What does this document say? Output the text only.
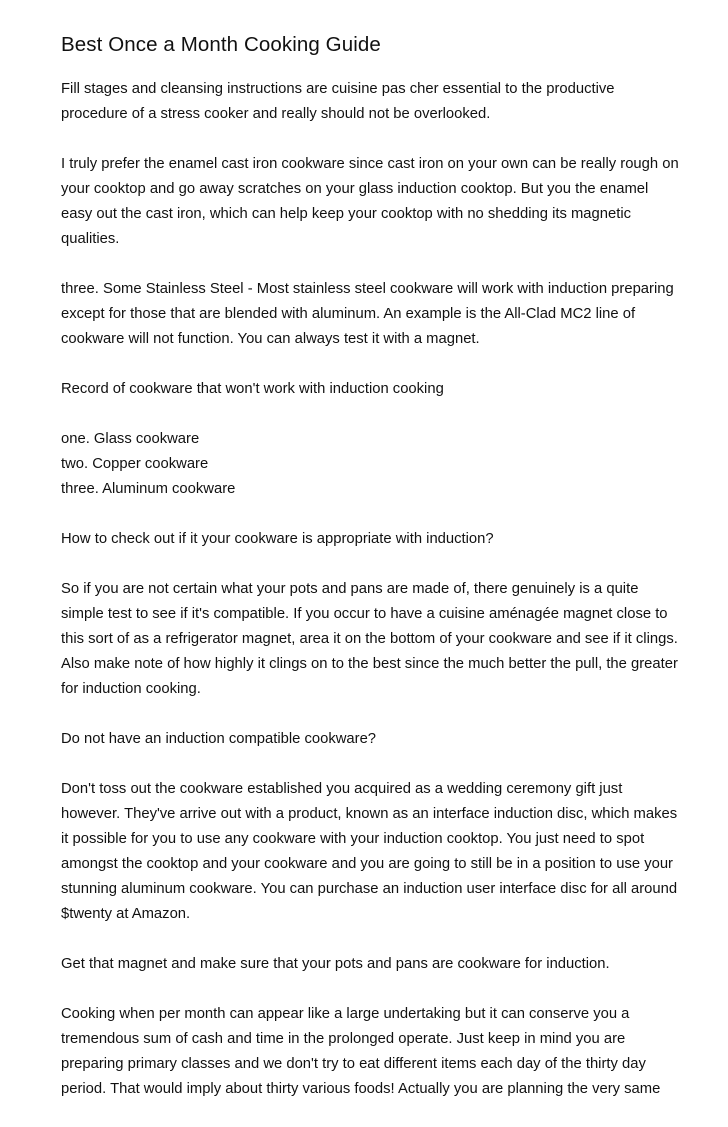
Best Once a Month Cooking Guide

Fill stages and cleansing instructions are cuisine pas cher essential to the productive procedure of a stress cooker and really should not be overlooked.

I truly prefer the enamel cast iron cookware since cast iron on your own can be really rough on your cooktop and go away scratches on your glass induction cooktop. But you the enamel easy out the cast iron, which can help keep your cooktop with no shedding its magnetic qualities.

three. Some Stainless Steel - Most stainless steel cookware will work with induction preparing except for those that are blended with aluminum. An example is the All-Clad MC2 line of cookware will not function. You can always test it with a magnet.

Record of cookware that won't work with induction cooking

one. Glass cookware
two. Copper cookware
three. Aluminum cookware

How to check out if it your cookware is appropriate with induction?

So if you are not certain what your pots and pans are made of, there genuinely is a quite simple test to see if it's compatible. If you occur to have a cuisine aménagée magnet close to this sort of as a refrigerator magnet, area it on the bottom of your cookware and see if it clings. Also make note of how highly it clings on to the best since the much better the pull, the greater for induction cooking.

Do not have an induction compatible cookware?

Don't toss out the cookware established you acquired as a wedding ceremony gift just however. They've arrive out with a product, known as an interface induction disc, which makes it possible for you to use any cookware with your induction cooktop. You just need to spot amongst the cooktop and your cookware and you are going to still be in a position to use your stunning aluminum cookware. You can purchase an induction user interface disc for all around $twenty at Amazon.

Get that magnet and make sure that your pots and pans are cookware for induction.

Cooking when per month can appear like a large undertaking but it can conserve you a tremendous sum of cash and time in the prolonged operate. Just keep in mind you are preparing primary classes and we don't try to eat different items each day of the thirty day period. That would imply about thirty various foods! Actually you are planning the very same
